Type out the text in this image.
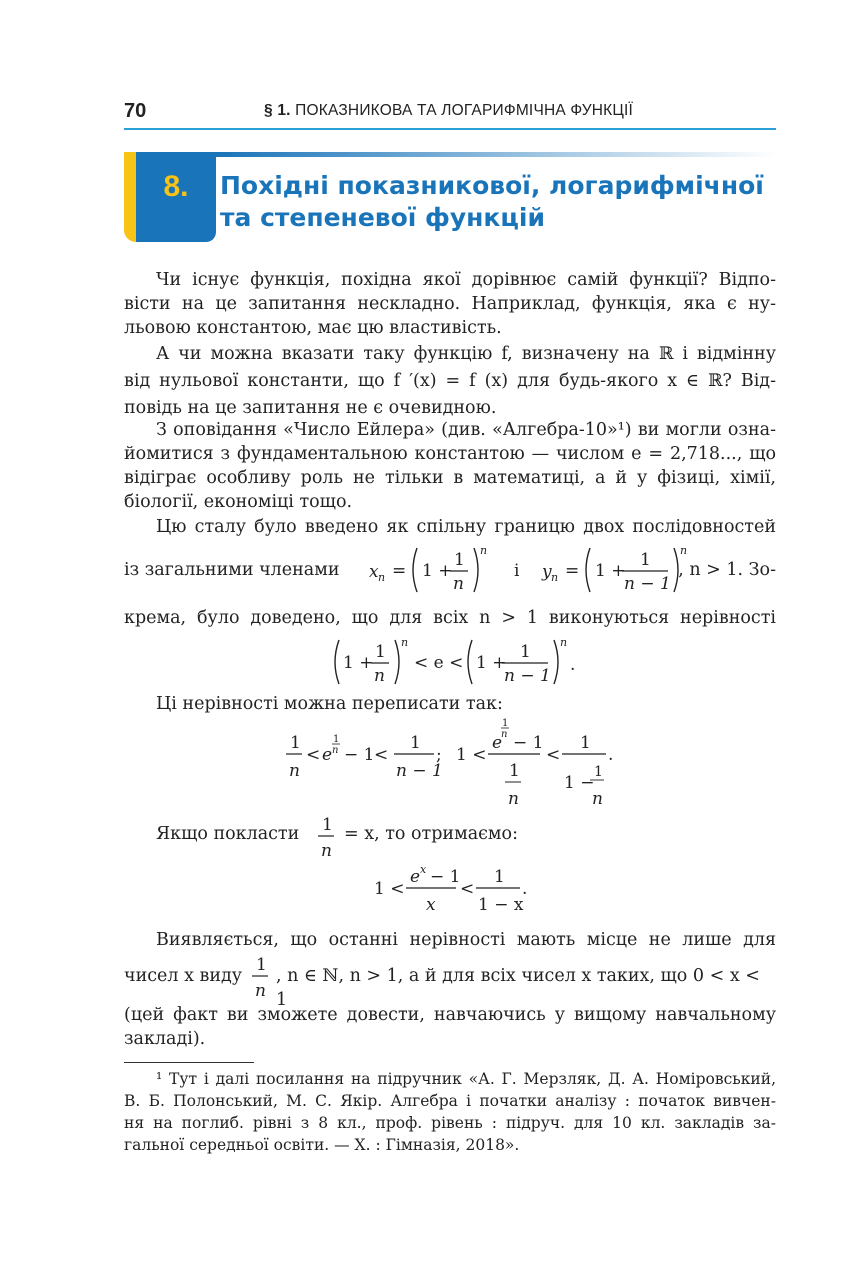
70	§ 1. ПОКАЗНИКОВА ТА ЛОГАРИФМІЧНА ФУНКЦІЇ
8.	Похідні показникової, логарифмічної
та степеневої функцій
Чи існує функція, похідна якої дорівнює самій функції? Відпо-
вісти на це запитання нескладно. Наприклад, функція, яка є ну-
льовою константою, має цю властивість.
А чи можна вказати таку функцію f, визначену на ℝ і відмінну
від нульової константи, що f ′(x) = f (x) для будь-якого x ∈ ℝ? Від-
повідь на це запитання не є очевидною.
З оповідання «Число Ейлера» (див. «Алгебра-10»¹) ви могли озна-
йомитися з фундаментальною константою — числом e = 2,718..., що
відіграє особливу роль не тільки в математиці, а й у фізиці, хімії,
біології, економіці тощо.
Цю сталу було введено як спільну границю двох послідовностей
із загальними членами x n = 1 +
1
n
n
і y n = 1 +
1
n − 1
n
, n > 1. Зо-
крема, було доведено, що для всіх n > 1 виконуються нерівності
1 +
1
n
n
< e < 1 +
1
n − 1
n
.
Ці нерівності можна переписати так:
1
n
< e
1
n − 1 <
1
n − 1
; 1 <
e
1
n − 1
1
n
<
1
1 −
1
n
.
Якщо покласти 1
n
= x, то отримаємо:
1 <
e x − 1
x
<
1
1 − x
.
Виявляється, що останні нерівності мають місце не лише для
чисел x виду
1
n
, n ∈ ℕ, n > 1, а й для всіх чисел x таких, що 0 < x < 1
(цей факт ви зможете довести, навчаючись у вищому навчальному
закладі).
¹ Тут і далі посилання на підручник «А. Г. Мерзляк, Д. А. Номіровський,
В. Б. Полонський, М. С. Якір. Алгебра і початки аналізу : початок вивчен-
ня на поглиб. рівні з 8 кл., проф. рівень : підруч. для 10 кл. закладів за-
гальної середньої освіти. — Х. : Гімназія, 2018».
